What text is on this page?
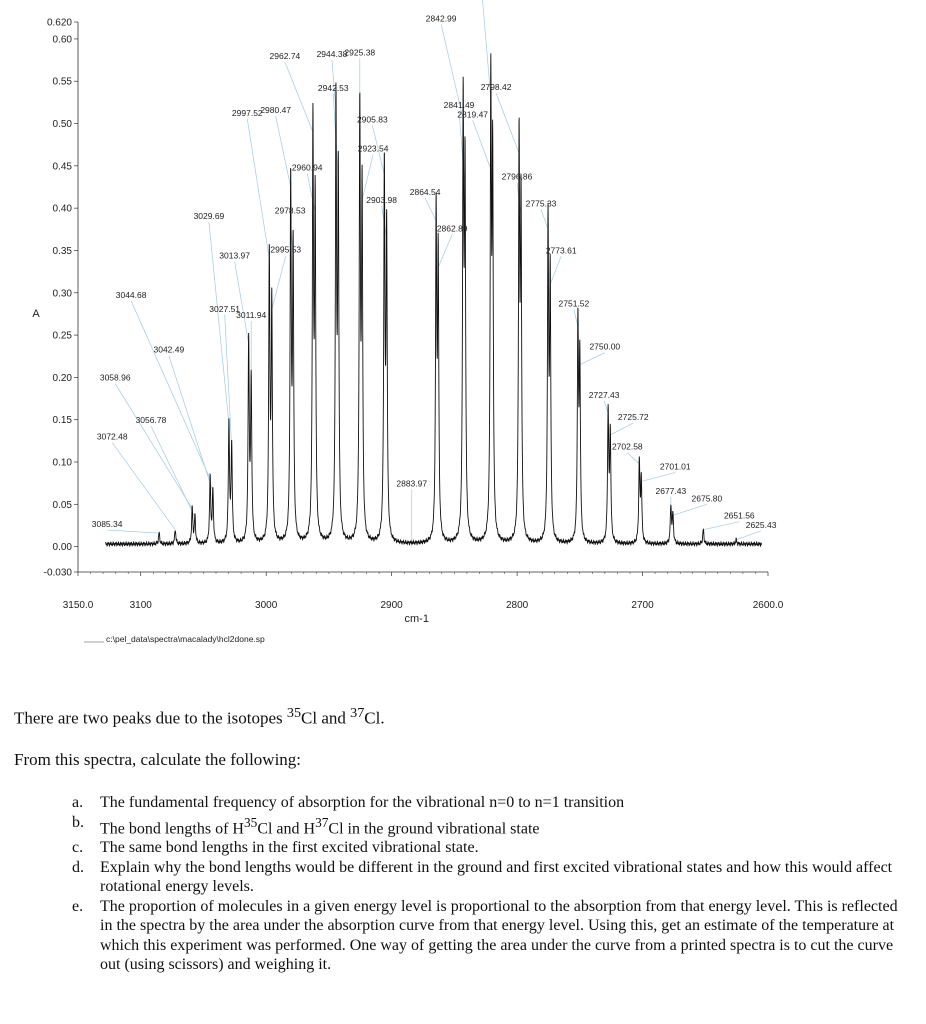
0.620
0.60
0.55
0.50
0.45
0.40
0.35
0.30
0.25
0.20
0.15
0.10
0.05
0.00
-0.030
A
3150.0	3100	3000	2900	2800	2700	2600.0
cm-1
3085.34
3072.48
3058.96
3056.78
3044.68
3042.49
3029.69
3027.51
3013.97
3011.94
2997.52
2995.53
2980.47
2978.53
2962.74
2960.94
2944.38
2942.53
2925.38
2923.54
2905.83
2903.98
2883.97
2864.54
2862.89
2842.99
2841.49
2819.47
2798.42
2796.86
2775.33
2773.61
2751.52
2750.00
2727.43
2725.72
2702.58
2701.01
2677.43
2675.80
2651.56
2625.43
c:\pel_data\spectra\macalady\hcl2done.sp

There are two peaks due to the isotopes $^{35}$Cl and $^{37}$Cl.

From this spectra, calculate the following:

a.	The fundamental frequency of absorption for the vibrational n=0 to n=1 transition
b.	The bond lengths of $H^{35}Cl$ and $H^{37}Cl$ in the ground vibrational state
c.	The same bond lengths in the first excited vibrational state.
d.	Explain why the bond lengths would be different in the ground and first excited vibrational states and how this would affect rotational energy levels.
e.	The proportion of molecules in a given energy level is proportional to the absorption from that energy level. This is reflected in the spectra by the area under the absorption curve from that energy level. Using this, get an estimate of the temperature at which this experiment was performed. One way of getting the area under the curve from a printed spectra is to cut the curve out (using scissors) and weighing it.
